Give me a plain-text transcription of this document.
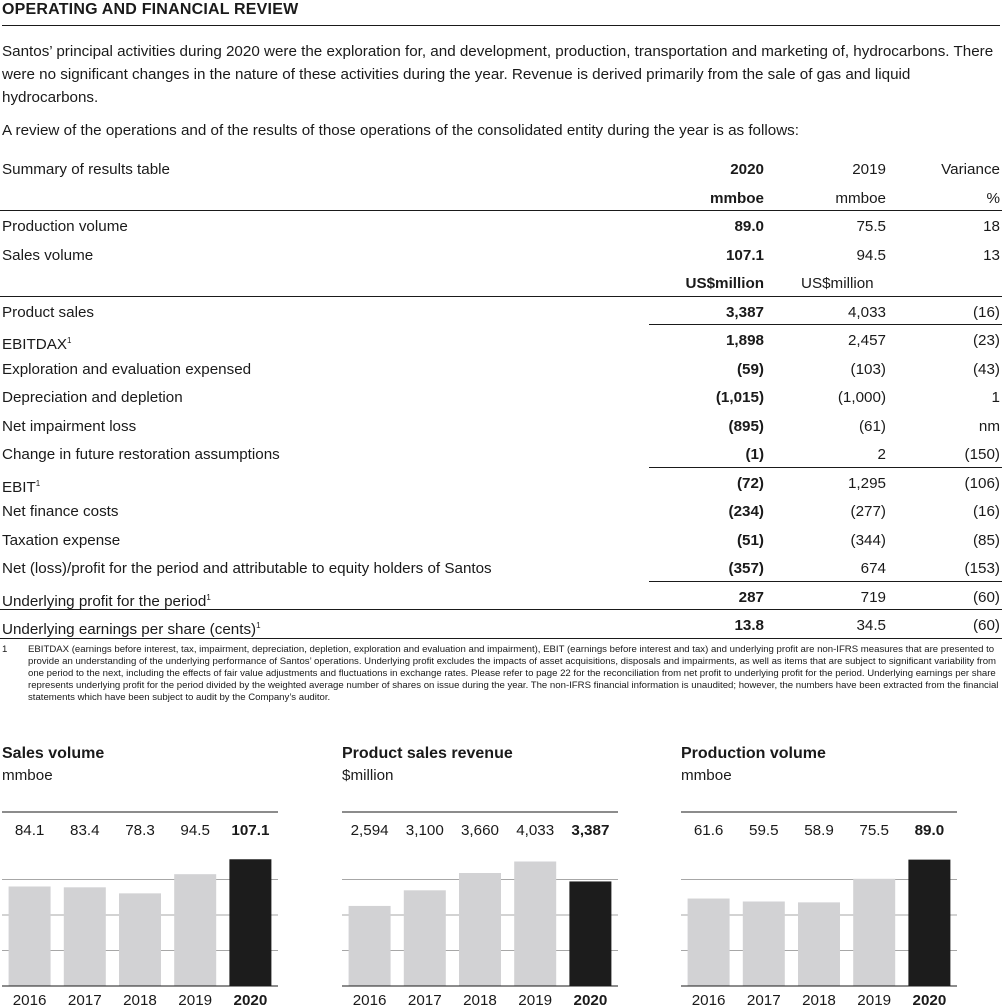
OPERATING AND FINANCIAL REVIEW
Santos’ principal activities during 2020 were the exploration for, and development, production, transportation and marketing of, hydrocarbons. There were no significant changes in the nature of these activities during the year. Revenue is derived primarily from the sale of gas and liquid hydrocarbons.
A review of the operations and of the results of those operations of the consolidated entity during the year is as follows:
Summary of results table	2020	2019	Variance
mmboe	mmboe	%
Production volume	89.0	75.5	18
Sales volume	107.1	94.5	13
US$million US$million
Product sales	3,387	4,033	(16)
EBITDAX$^1$	1,898	2,457	(23)
Exploration and evaluation expensed	(59)	(103)	(43)
Depreciation and depletion	(1,015)	(1,000)	1
Net impairment loss	(895)	(61)	nm
Change in future restoration assumptions	(1)	2	(150)
EBIT$^1$	(72)	1,295	(106)
Net finance costs	(234)	(277)	(16)
Taxation expense	(51)	(344)	(85)
Net (loss)/profit for the period and attributable to equity holders of Santos	(357)	674	(153)
Underlying profit for the period$^1$	287	719	(60)
Underlying earnings per share (cents)$^1$	13.8	34.5	(60)
1 EBITDAX (earnings before interest, tax, impairment, depreciation, depletion, exploration and evaluation and impairment), EBIT (earnings before interest and tax) and underlying profit are non-IFRS measures that are presented to provide an understanding of the underlying performance of Santos’ operations. Underlying profit excludes the impacts of asset acquisitions, disposals and impairments, as well as items that are subject to significant variability from one period to the next, including the effects of fair value adjustments and fluctuations in exchange rates. Please refer to page 22 for the reconciliation from net profit to underlying profit for the period. Underlying earnings per share represents underlying profit for the period divided by the weighted average number of shares on issue during the year. The non-IFRS financial information is unaudited; however, the numbers have been extracted from the financial statements which have been subject to audit by the Company’s auditor.
Sales volume
mmboe
84.1
2016
83.4
2017
78.3
2018
94.5
2019
107.1
2020
Product sales revenue
$million
2,594
2016
3,100
2017
3,660
2018
4,033
2019
3,387
2020
Production volume
mmboe
61.6
2016
59.5
2017
58.9
2018
75.5
2019
89.0
2020
